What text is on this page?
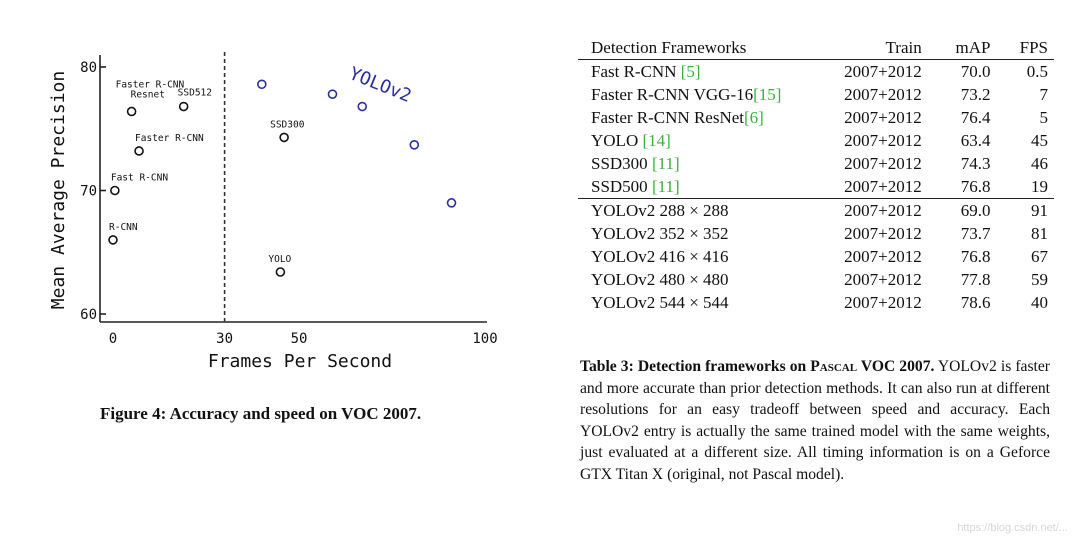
60
70
80
0	30	50	100
R-CNN
Fast R-CNN
Faster R-CNN
Faster R-CNN
Resnet SSD512
SSD300
YOLO
Frames Per Second
Mean Average Precision	YOLOv2
Figure 4: Accuracy and speed on VOC 2007.
Detection Frameworks	Train	mAP	FPS
Fast R-CNN [5]	2007+2012	70.0	0.5
Faster R-CNN VGG-16[15]	2007+2012	73.2	7
Faster R-CNN ResNet[6]	2007+2012	76.4	5
YOLO [14]	2007+2012	63.4	45
SSD300 [11]	2007+2012	74.3	46
SSD500 [11]	2007+2012	76.8	19
YOLOv2 288 × 288	2007+2012	69.0	91
YOLOv2 352 × 352	2007+2012	73.7	81
YOLOv2 416 × 416	2007+2012	76.8	67
YOLOv2 480 × 480	2007+2012	77.8	59
YOLOv2 544 × 544	2007+2012	78.6	40
Table 3: Detection frameworks on Pascal VOC 2007. YOLOv2 is faster and more accurate than prior detection methods. It can also run at different resolutions for an easy tradeoff between speed and accuracy. Each YOLOv2 entry is actually the same trained model with the same weights, just evaluated at a different size. All timing information is on a Geforce GTX Titan X (original, not Pascal model).
https://blog.csdn.net/...
